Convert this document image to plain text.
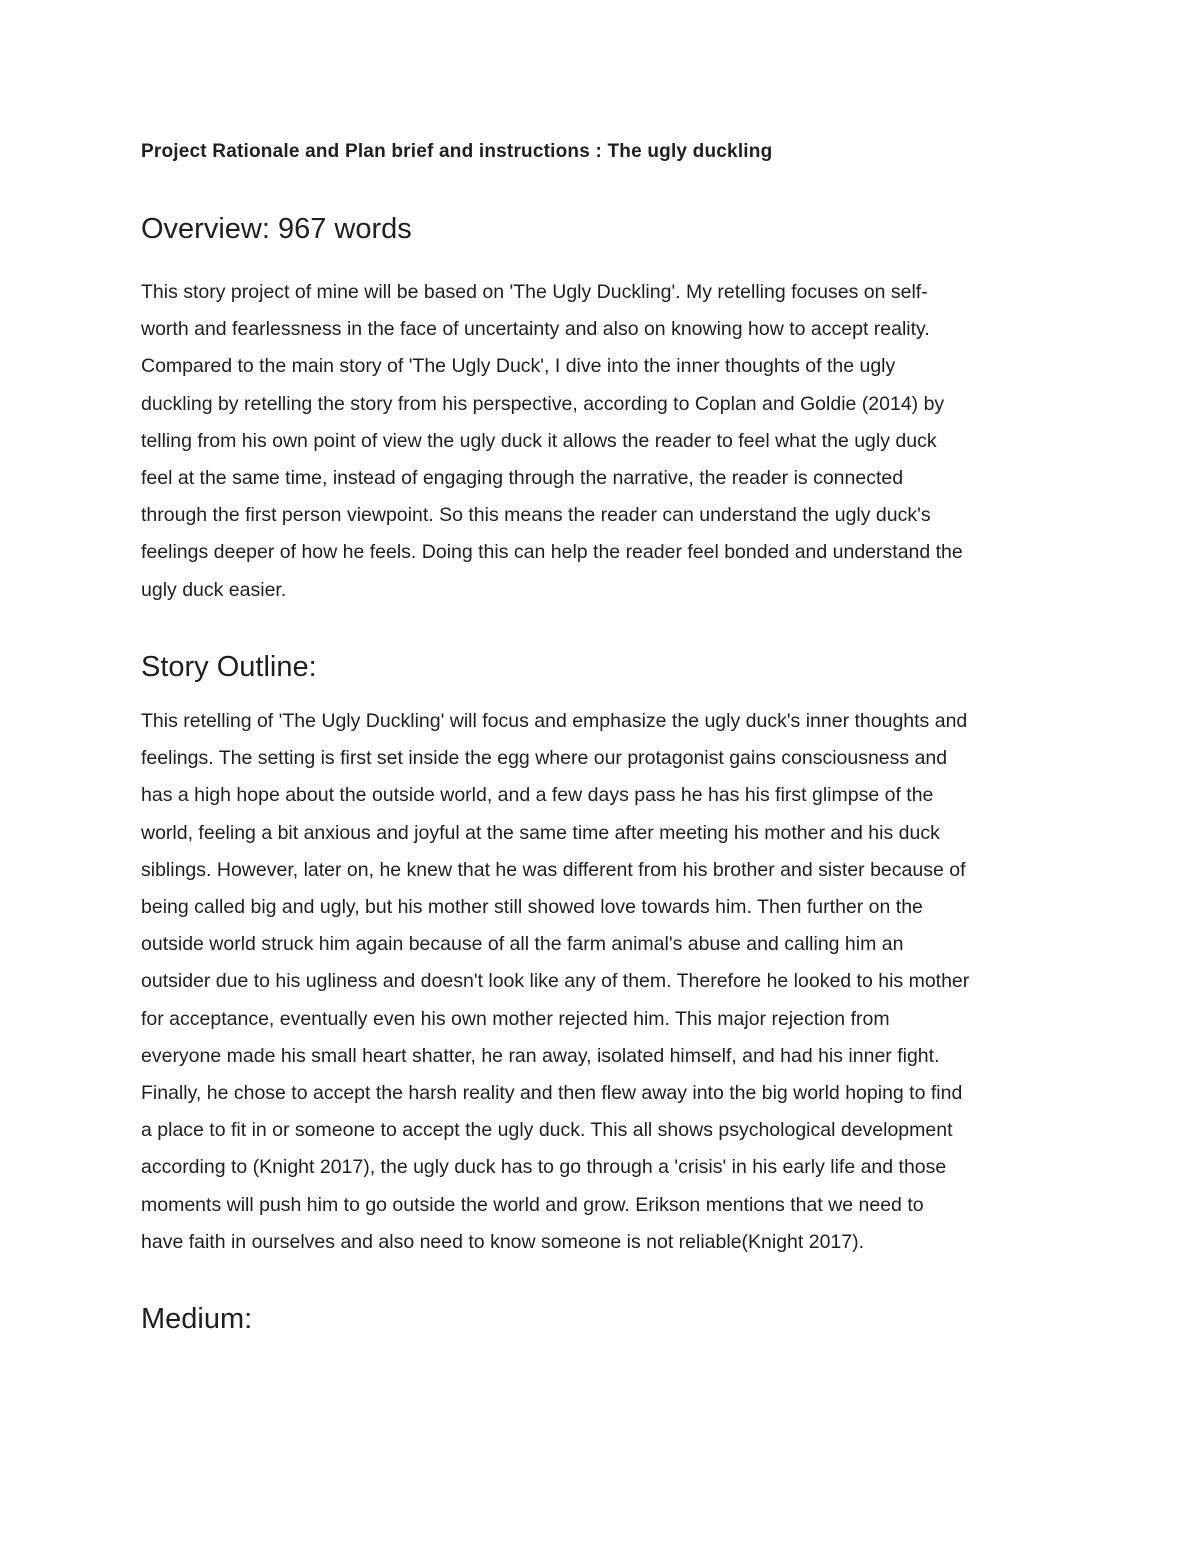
Project Rationale and Plan brief and instructions : The ugly duckling
Overview: 967 words

This story project of mine will be based on 'The Ugly Duckling'. My retelling focuses on self-
worth and fearlessness in the face of uncertainty and also on knowing how to accept reality.
Compared to the main story of 'The Ugly Duck', I dive into the inner thoughts of the ugly
duckling by retelling the story from his perspective, according to Coplan and Goldie (2014) by
telling from his own point of view the ugly duck it allows the reader to feel what the ugly duck
feel at the same time, instead of engaging through the narrative, the reader is connected
through the first person viewpoint. So this means the reader can understand the ugly duck's
feelings deeper of how he feels. Doing this can help the reader feel bonded and understand the
ugly duck easier.

Story Outline:

This retelling of 'The Ugly Duckling' will focus and emphasize the ugly duck's inner thoughts and
feelings. The setting is first set inside the egg where our protagonist gains consciousness and
has a high hope about the outside world, and a few days pass he has his first glimpse of the
world, feeling a bit anxious and joyful at the same time after meeting his mother and his duck
siblings. However, later on, he knew that he was different from his brother and sister because of
being called big and ugly, but his mother still showed love towards him. Then further on the
outside world struck him again because of all the farm animal's abuse and calling him an
outsider due to his ugliness and doesn't look like any of them. Therefore he looked to his mother
for acceptance, eventually even his own mother rejected him. This major rejection from
everyone made his small heart shatter, he ran away, isolated himself, and had his inner fight.
Finally, he chose to accept the harsh reality and then flew away into the big world hoping to find
a place to fit in or someone to accept the ugly duck. This all shows psychological development
according to (Knight 2017), the ugly duck has to go through a 'crisis' in his early life and those
moments will push him to go outside the world and grow. Erikson mentions that we need to
have faith in ourselves and also need to know someone is not reliable(Knight 2017).

Medium:
